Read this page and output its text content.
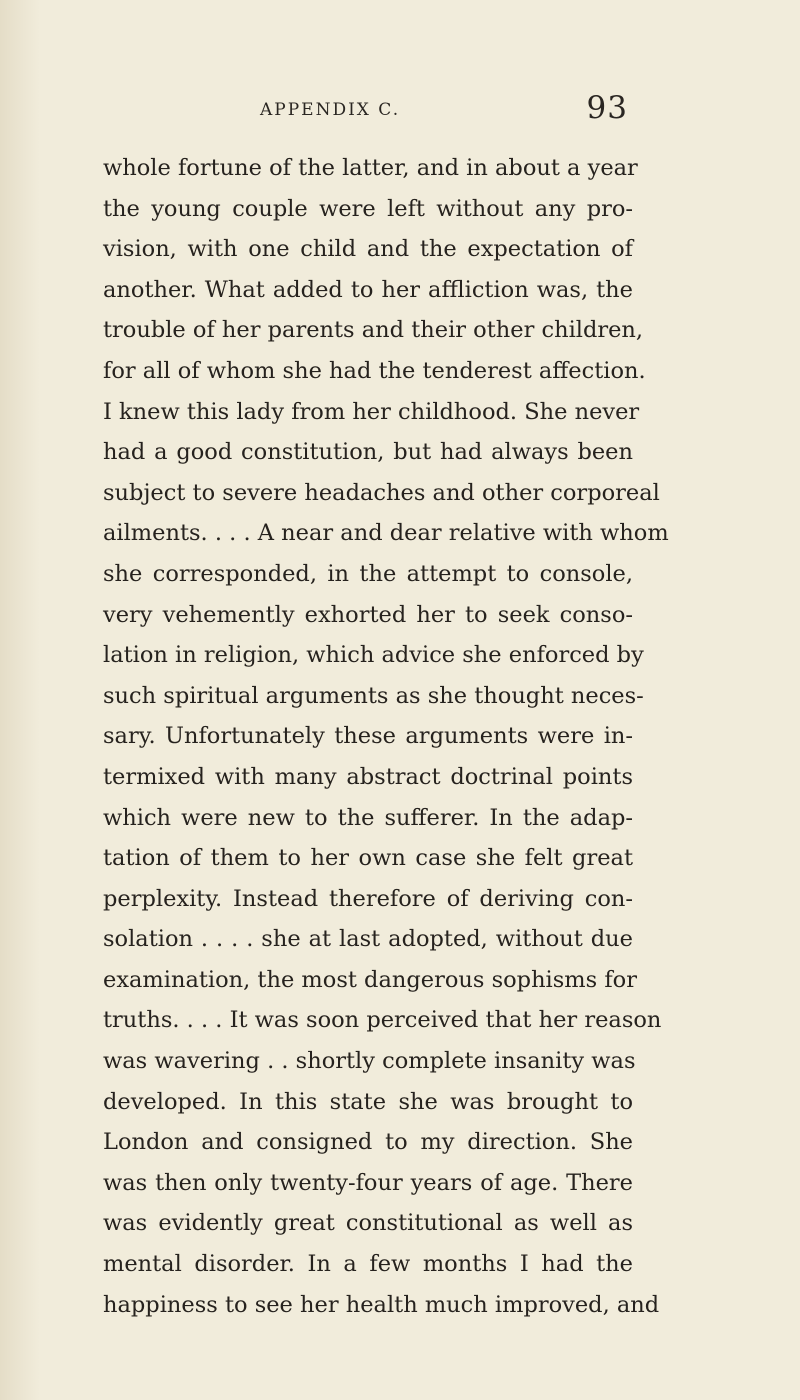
APPENDIX C.	93
whole fortune of the latter, and in about a year
the young couple were left without any pro-
vision, with one child and the expectation of
another. What added to her affliction was, the
trouble of her parents and their other children,
for all of whom she had the tenderest affection.
I knew this lady from her childhood. She never
had a good constitution, but had always been
subject to severe headaches and other corporeal
ailments. . . . A near and dear relative with whom
she corresponded, in the attempt to console,
very vehemently exhorted her to seek conso-
lation in religion, which advice she enforced by
such spiritual arguments as she thought neces-
sary. Unfortunately these arguments were in-
termixed with many abstract doctrinal points
which were new to the sufferer. In the adap-
tation of them to her own case she felt great
perplexity. Instead therefore of deriving con-
solation . . . . she at last adopted, without due
examination, the most dangerous sophisms for
truths. . . . It was soon perceived that her reason
was wavering . . shortly complete insanity was
developed. In this state she was brought to
London and consigned to my direction. She
was then only twenty-four years of age. There
was evidently great constitutional as well as
mental disorder. In a few months I had the
happiness to see her health much improved, and
